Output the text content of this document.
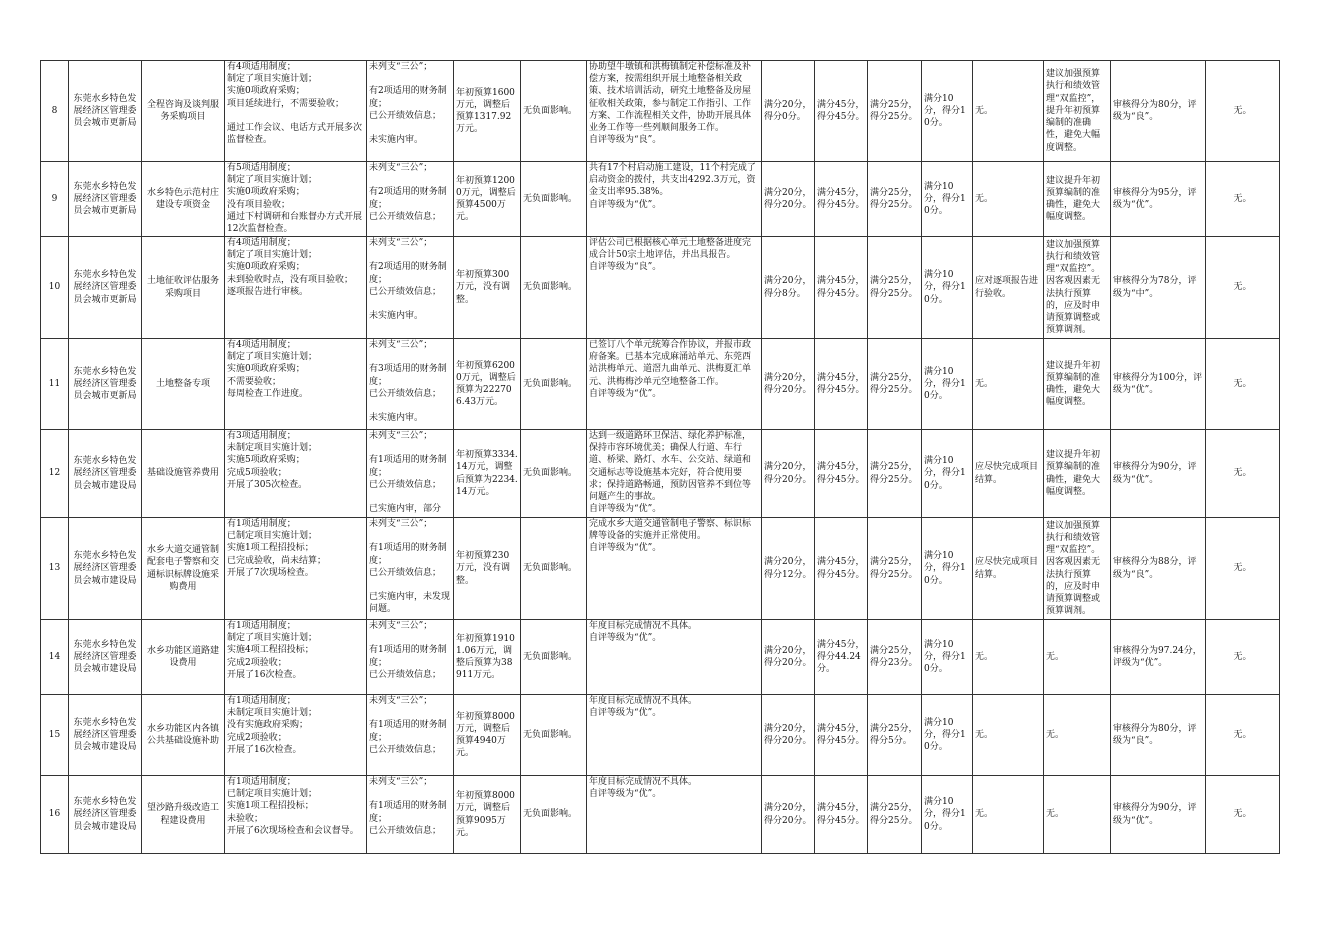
8	东莞水乡特色发展经济区管理委员会城市更新局	全程咨询及谈判服务采购项目	有4项适用制度；
制定了项目实施计划；
实施0项政府采购；
项目延续进行，不需要验收；

通过工作会议、电话方式开展多次监督检查。	未列支“三公”；

有2项适用的财务制度；
已公开绩效信息；

未实施内审。	年初预算1600万元，调整后预算1317.92万元。	无负面影响。	协助望牛墩镇和洪梅镇制定补偿标准及补偿方案，按需组织开展土地整备相关政策、技术培训活动，研究土地整备及房屋征收相关政策，参与制定工作指引、工作方案、工作流程相关文件，协助开展具体业务工作等一些列顺间服务工作。
自评等级为“良”。	满分20分，得分0分。	满分45分，得分45分。	满分25分，得分25分。	满分10分，得分10分。	无。	建议加强预算执行和绩效管理“双监控”，提升年初预算编制的准确性，避免大幅度调整。	审核得分为80分，评级为“良”。	无。
9	东莞水乡特色发展经济区管理委员会城市更新局	水乡特色示范村庄建设专项资金	有5项适用制度；
制定了项目实施计划；
实施0项政府采购；
没有项目验收；
通过下村调研和台账督办方式开展12次监督检查。	未列支“三公”；

有2项适用的财务制度；
已公开绩效信息；	年初预算12000万元，调整后预算4500万元。	无负面影响。	共有17个村启动施工建设，11个村完成了启动资金的拨付，共支出4292.3万元，资金支出率95.38%。
自评等级为“优”。	满分20分，得分20分。	满分45分，得分45分。	满分25分，得分25分。	满分10分，得分10分。	无。	建议提升年初预算编制的准确性，避免大幅度调整。	审核得分为95分，评级为“优”。	无。
10	东莞水乡特色发展经济区管理委员会城市更新局	土地征收评估服务采购项目	有4项适用制度；
制定了项目实施计划；
实施0项政府采购；
未到验收时点，没有项目验收；
逐项报告进行审核。	未列支“三公”；

有2项适用的财务制度；
已公开绩效信息；

未实施内审。	年初预算300万元，没有调整。	无负面影响。	评估公司已根据核心单元土地整备进度完成合计50宗土地评估，并出具报告。
自评等级为“良”。	满分20分，得分8分。	满分45分，得分45分。	满分25分，得分25分。	满分10分，得分10分。	应对逐项报告进行验收。	建议加强预算执行和绩效管理“双监控”。因客观因素无法执行预算的，应及时申请预算调整或预算调剂。	审核得分为78分，评级为“中”。	无。
11	东莞水乡特色发展经济区管理委员会城市更新局	土地整备专项	有4项适用制度；
制定了项目实施计划；
实施0项政府采购；
不需要验收；
每周检查工作进度。	未列支“三公”；

有3项适用的财务制度；
已公开绩效信息；

未实施内审。	年初预算62000万元，调整后预算为222706.43万元。	无负面影响。	已签订八个单元统筹合作协议，并报市政府备案。已基本完成麻涌站单元、东莞西站洪梅单元、道滘九曲单元、洪梅夏汇单元、洪梅梅沙单元空地整备工作。
自评等级为“优”。	满分20分，得分20分。	满分45分，得分45分。	满分25分，得分25分。	满分10分，得分10分。	无。	建议提升年初预算编制的准确性，避免大幅度调整。	审核得分为100分，评级为“优”。	无。
12	东莞水乡特色发展经济区管理委员会城市建设局	基础设施管养费用	有3项适用制度；
未制定项目实施计划；
实施5项政府采购；
完成5项验收；
开展了305次检查。	未列支“三公”；

有1项适用的财务制度；
已公开绩效信息；

已实施内审，部分	年初预算3334.14万元，调整后预算为2234.14万元。	无负面影响。	达到一级道路环卫保洁、绿化养护标准，保持市容环境优美；确保人行道、车行道、桥梁、路灯、水车、公交站、绿道和交通标志等设施基本完好，符合使用要求；保持道路畅通，预防因管养不到位等问题产生的事故。
自评等级为“优”。	满分20分，得分20分。	满分45分，得分45分。	满分25分，得分25分。	满分10分，得分10分。	应尽快完成项目结算。	建议提升年初预算编制的准确性，避免大幅度调整。	审核得分为90分，评级为“优”。	无。
13	东莞水乡特色发展经济区管理委员会城市建设局	水乡大道交通管制配套电子警察和交通标识标牌设施采购费用	有1项适用制度；
已制定项目实施计划；
实施1项工程招投标；
已完成验收，尚未结算；
开展了7次现场检查。	未列支“三公”；

有1项适用的财务制度；
已公开绩效信息；

已实施内审，未发现问题。	年初预算230万元，没有调整。	无负面影响。	完成水乡大道交通管制电子警察、标识标牌等设备的实施并正常使用。
自评等级为“优”。	满分20分，得分12分。	满分45分，得分45分。	满分25分，得分25分。	满分10分，得分10分。	应尽快完成项目结算。	建议加强预算执行和绩效管理“双监控”。因客观因素无法执行预算的，应及时申请预算调整或预算调剂。	审核得分为88分，评级为“良”。	无。
14	东莞水乡特色发展经济区管理委员会城市建设局	水乡功能区道路建设费用	有1项适用制度；
制定了项目实施计划；
实施4项工程招投标；
完成2项验收；
开展了16次检查。	未列支“三公”；

有1项适用的财务制度；
已公开绩效信息；	年初预算19101.06万元，调整后预算为38911万元。	无负面影响。	年度目标完成情况不具体。
自评等级为“优”。	满分20分，得分20分。	满分45分，得分44.24分。	满分25分，得分23分。	满分10分，得分10分。	无。	无。	审核得分为97.24分，评级为“优”。	无。
15	东莞水乡特色发展经济区管理委员会城市建设局	水乡功能区内各镇公共基础设施补助	有1项适用制度；
未制定项目实施计划；
没有实施政府采购；
完成2项验收；
开展了16次检查。	未列支“三公”；

有1项适用的财务制度；
已公开绩效信息；	年初预算8000万元，调整后预算4940万元。	无负面影响。	年度目标完成情况不具体。
自评等级为“优”。	满分20分，得分20分。	满分45分，得分45分。	满分25分，得分5分。	满分10分，得分10分。	无。	无。	审核得分为80分，评级为“良”。	无。
16	东莞水乡特色发展经济区管理委员会城市建设局	望沙路升级改造工程建设费用	有1项适用制度；
已制定项目实施计划；
实施1项工程招投标；
未验收；
开展了6次现场检查和会议督导。	未列支“三公”；

有1项适用的财务制度；
已公开绩效信息；	年初预算8000万元，调整后预算9095万元。	无负面影响。	年度目标完成情况不具体。
自评等级为“优”。	满分20分，得分20分。	满分45分，得分45分。	满分25分，得分25分。	满分10分，得分10分。	无。	无。	审核得分为90分，评级为“优”。	无。
